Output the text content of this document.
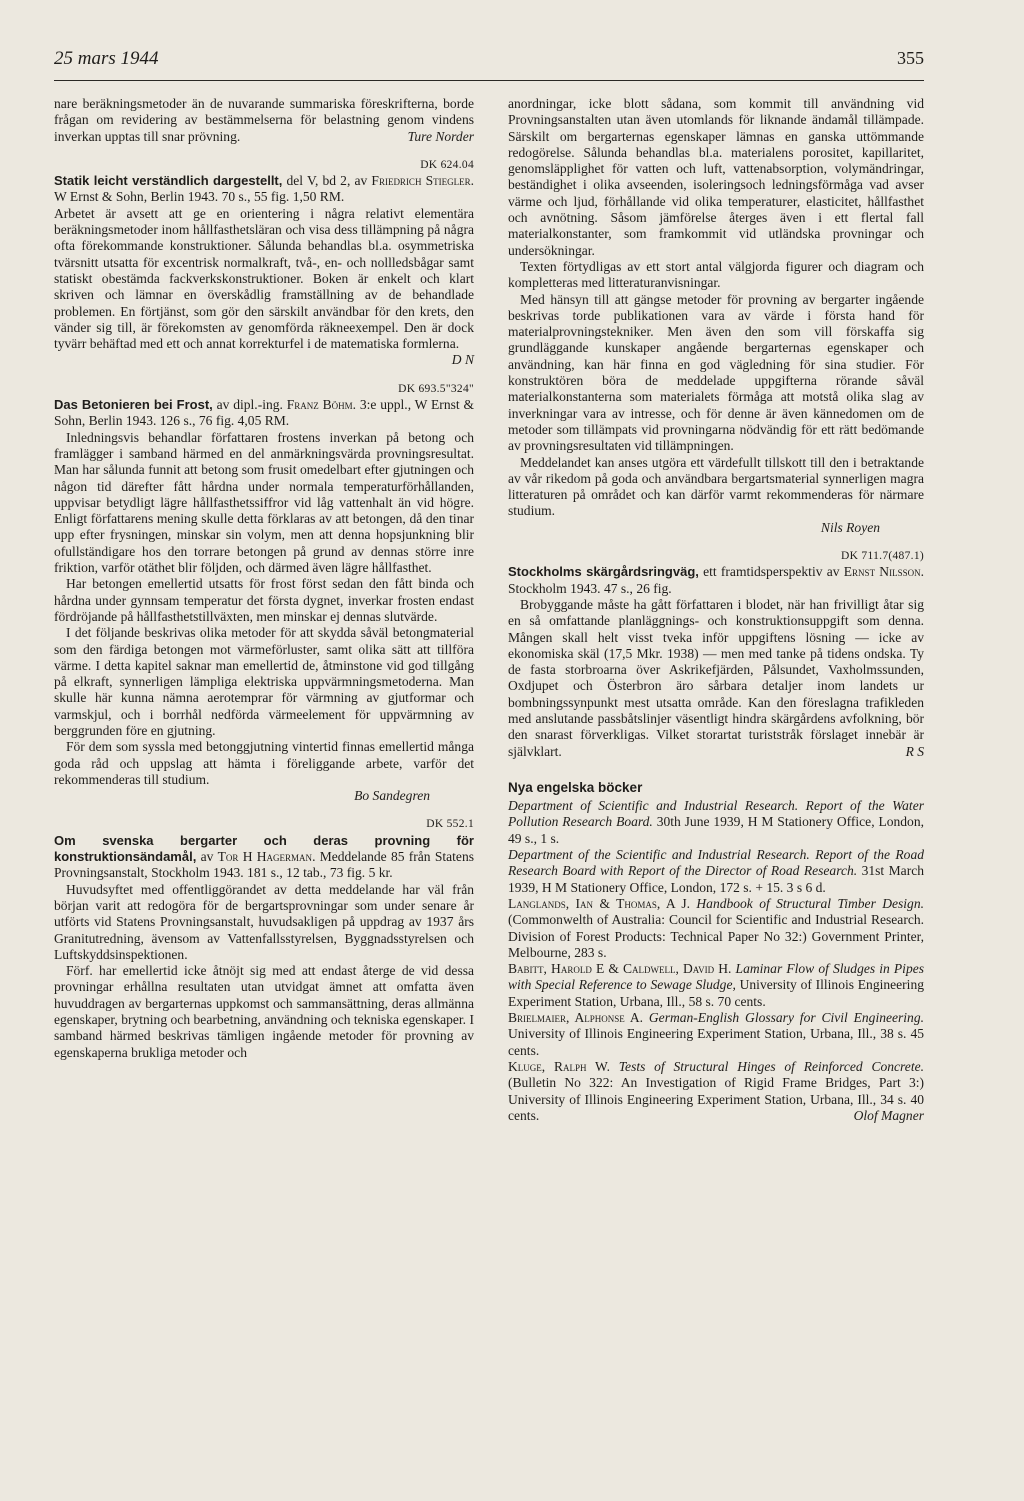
25 mars 1944	355

nare beräkningsmetoder än de nuvarande summariska föreskrifterna, borde frågan om revidering av bestämmelserna för belastning genom vindens inverkan upptas till snar prövning.	Ture Norder

DK 624.04

Statik leicht verständlich dargestellt, del V, bd 2, av Friedrich Stiegler. W Ernst & Sohn, Berlin 1943. 70 s., 55 fig. 1,50 RM.

Arbetet är avsett att ge en orientering i några relativt elementära beräkningsmetoder inom hållfasthetsläran och visa dess tillämpning på några ofta förekommande konstruktioner. Sålunda behandlas bl.a. osymmetriska tvärsnitt utsatta för excentrisk normalkraft, två-, en- och nollledsbågar samt statiskt obestämda fackverkskonstruktioner. Boken är enkelt och klart skriven och lämnar en överskådlig framställning av de behandlade problemen. En förtjänst, som gör den särskilt användbar för den krets, den vänder sig till, är förekomsten av genomförda räkneexempel. Den är dock tyvärr behäftad med ett och annat korrekturfel i de matematiska formlerna.
D N

DK 693.5"324"

Das Betonieren bei Frost, av dipl.-ing. Franz Böhm. 3:e uppl., W Ernst & Sohn, Berlin 1943. 126 s., 76 fig. 4,05 RM.

Inledningsvis behandlar författaren frostens inverkan på betong och framlägger i samband härmed en del anmärkningsvärda provningsresultat. Man har sålunda funnit att betong som frusit omedelbart efter gjutningen och någon tid därefter fått hårdna under normala temperaturförhållanden, uppvisar betydligt lägre hållfasthetssiffror vid låg vattenhalt än vid högre. Enligt författarens mening skulle detta förklaras av att betongen, då den tinar upp efter frysningen, minskar sin volym, men att denna hopsjunkning blir ofullständigare hos den torrare betongen på grund av dennas större inre friktion, varför otäthet blir följden, och därmed även lägre hållfasthet.

Har betongen emellertid utsatts för frost först sedan den fått binda och hårdna under gynnsam temperatur det första dygnet, inverkar frosten endast fördröjande på hållfasthetstillväxten, men minskar ej dennas slutvärde.

I det följande beskrivas olika metoder för att skydda såväl betongmaterial som den färdiga betongen mot värmeförluster, samt olika sätt att tillföra värme. I detta kapitel saknar man emellertid de, åtminstone vid god tillgång på elkraft, synnerligen lämpliga elektriska uppvärmningsmetoderna. Man skulle här kunna nämna aerotemprar för värmning av gjutformar och varmskjul, och i borrhål nedförda värmeelement för uppvärmning av berggrunden före en gjutning.

För dem som syssla med betonggjutning vintertid finnas emellertid många goda råd och uppslag att hämta i föreliggande arbete, varför det rekommenderas till studium.

Bo Sandegren

DK 552.1

Om svenska bergarter och deras provning för konstruktionsändamål, av Tor H Hagerman. Meddelande 85 från Statens Provningsanstalt, Stockholm 1943. 181 s., 12 tab., 73 fig. 5 kr.

Huvudsyftet med offentliggörandet av detta meddelande har väl från början varit att redogöra för de bergartsprovningar som under senare år utförts vid Statens Provningsanstalt, huvudsakligen på uppdrag av 1937 års Granitutredning, ävensom av Vattenfallsstyrelsen, Byggnadsstyrelsen och Luftskyddsinspektionen.

Förf. har emellertid icke åtnöjt sig med att endast återge de vid dessa provningar erhållna resultaten utan utvidgat ämnet att omfatta även huvuddragen av bergarternas uppkomst och sammansättning, deras allmänna egenskaper, brytning och bearbetning, användning och tekniska egenskaper. I samband härmed beskrivas tämligen ingående metoder för provning av egenskaperna brukliga metoder och

anordningar, icke blott sådana, som kommit till användning vid Provningsanstalten utan även utomlands för liknande ändamål tillämpade. Särskilt om bergarternas egenskaper lämnas en ganska uttömmande redogörelse. Sålunda behandlas bl.a. materialens porositet, kapillaritet, genomsläpplighet för vatten och luft, vattenabsorption, volymändringar, beständighet i olika avseenden, isoleringsoch ledningsförmåga vad avser värme och ljud, förhållande vid olika temperaturer, elasticitet, hållfasthet och avnötning. Såsom jämförelse återges även i ett flertal fall materialkonstanter, som framkommit vid utländska provningar och undersökningar.

Texten förtydligas av ett stort antal välgjorda figurer och diagram och kompletteras med litteraturanvisningar.

Med hänsyn till att gängse metoder för provning av bergarter ingående beskrivas torde publikationen vara av värde i första hand för materialprovningstekniker. Men även den som vill förskaffa sig grundläggande kunskaper angående bergarternas egenskaper och användning, kan här finna en god vägledning för sina studier. För konstruktören böra de meddelade uppgifterna rörande såväl materialkonstanterna som materialets förmåga att motstå olika slag av inverkningar vara av intresse, och för denne är även kännedomen om de metoder som tillämpats vid provningarna nödvändig för ett rätt bedömande av provningsresultaten vid tillämpningen.

Meddelandet kan anses utgöra ett värdefullt tillskott till den i betraktande av vår rikedom på goda och användbara bergartsmaterial synnerligen magra litteraturen på området och kan därför varmt rekommenderas för närmare studium.

Nils Royen

DK 711.7(487.1)

Stockholms skärgårdsringväg, ett framtidsperspektiv av Ernst Nilsson. Stockholm 1943. 47 s., 26 fig.

Brobyggande måste ha gått författaren i blodet, när han frivilligt åtar sig en så omfattande planläggnings- och konstruktionsuppgift som denna. Mången skall helt visst tveka inför uppgiftens lösning — icke av ekonomiska skäl (17,5 Mkr. 1938) — men med tanke på tidens ondska. Ty de fasta storbroarna över Askrikefjärden, Pålsundet, Vaxholmssunden, Oxdjupet och Österbron äro sårbara detaljer inom landets ur bombningssynpunkt mest utsatta område. Kan den föreslagna trafikleden med anslutande passbåtslinjer väsentligt hindra skärgårdens avfolkning, bör den snarast förverkligas. Vilket storartat turiststråk förslaget innebär är självklart.	R S

Nya engelska böcker

Department of Scientific and Industrial Research. Report of the Water Pollution Research Board. 30th June 1939, H M Stationery Office, London, 49 s., 1 s.

Department of the Scientific and Industrial Research. Report of the Road Research Board with Report of the Director of Road Research. 31st March 1939, H M Stationery Office, London, 172 s. + 15. 3 s 6 d.

Langlands, Ian & Thomas, A J. Handbook of Structural Timber Design. (Commonwelth of Australia: Council for Scientific and Industrial Research. Division of Forest Products: Technical Paper No 32:) Government Printer, Melbourne, 283 s.

Babitt, Harold E & Caldwell, David H. Laminar Flow of Sludges in Pipes with Special Reference to Sewage Sludge, University of Illinois Engineering Experiment Station, Urbana, Ill., 58 s. 70 cents.

Brielmaier, Alphonse A. German-English Glossary for Civil Engineering. University of Illinois Engineering Experiment Station, Urbana, Ill., 38 s. 45 cents.

Kluge, Ralph W. Tests of Structural Hinges of Reinforced Concrete. (Bulletin No 322: An Investigation of Rigid Frame Bridges, Part 3:) University of Illinois Engineering Experiment Station, Urbana, Ill., 34 s. 40 cents.	Olof Magner
